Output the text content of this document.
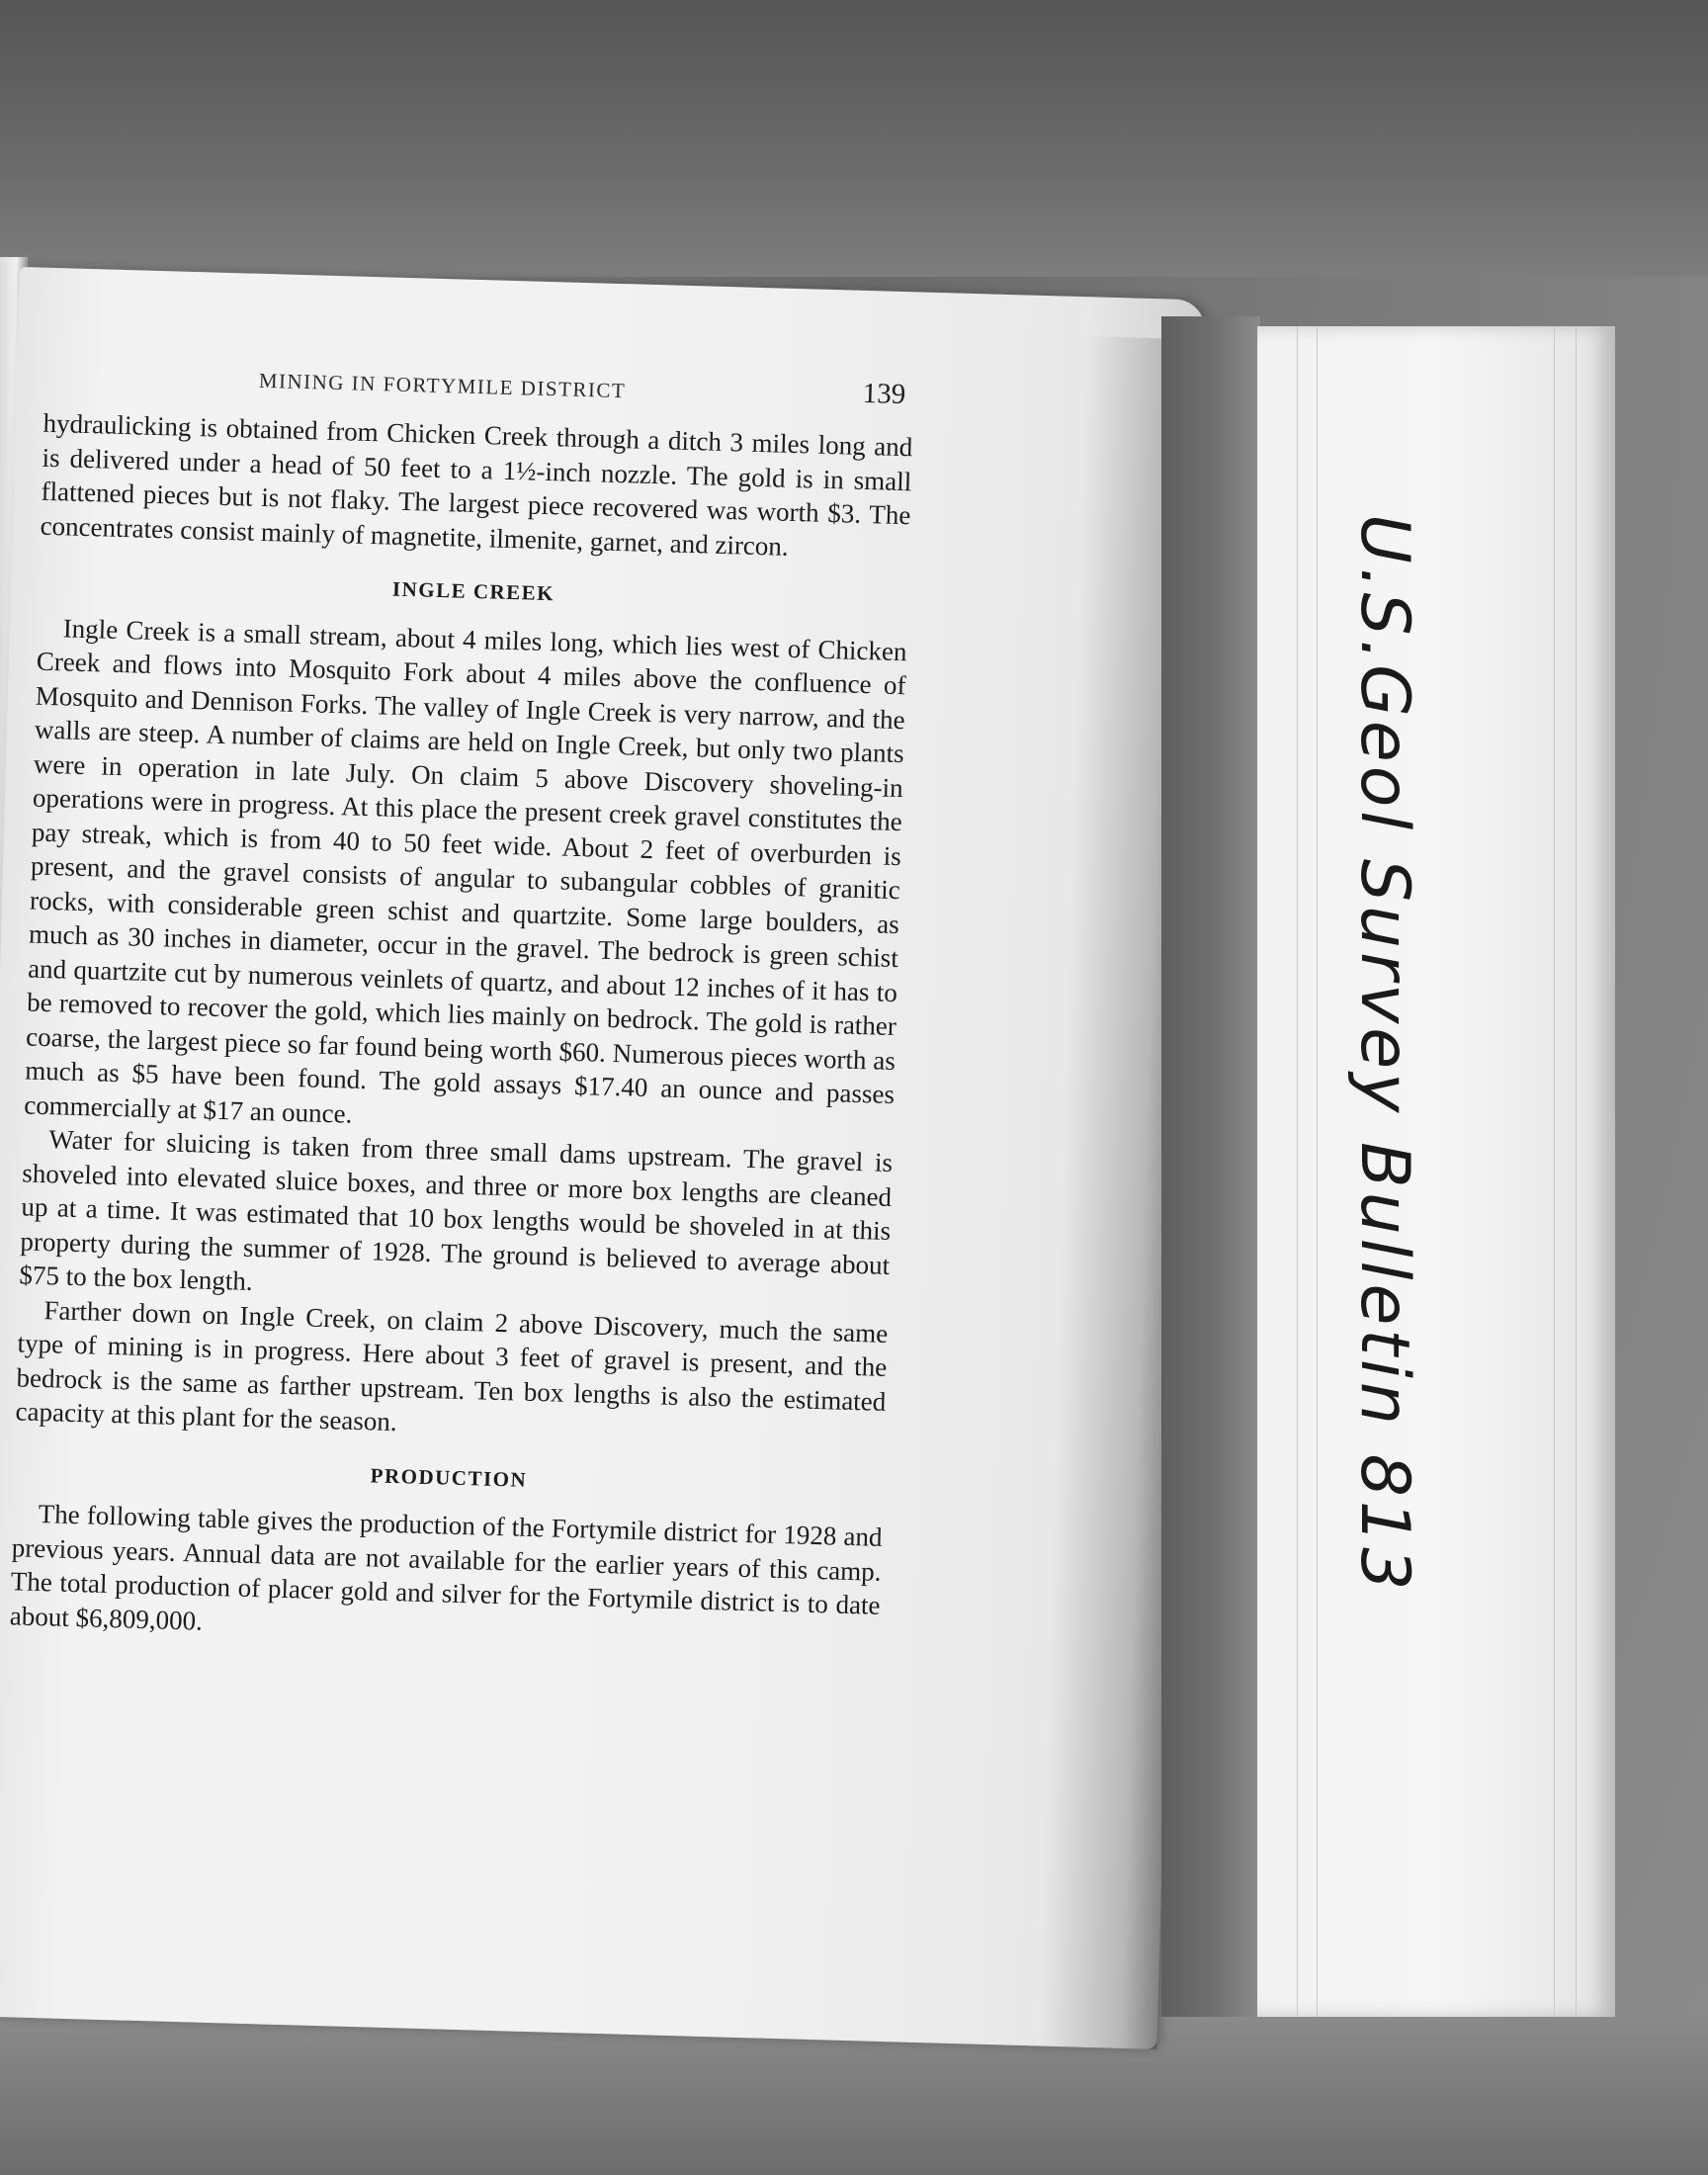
MINING IN FORTYMILE DISTRICT	139

hydraulicking is obtained from Chicken Creek through a ditch 3 miles long and is delivered under a head of 50 feet to a 1½-inch nozzle. The gold is in small flattened pieces but is not flaky. The largest piece recovered was worth $3. The concentrates consist mainly of magnetite, ilmenite, garnet, and zircon.

INGLE CREEK

Ingle Creek is a small stream, about 4 miles long, which lies west of Chicken Creek and flows into Mosquito Fork about 4 miles above the confluence of Mosquito and Dennison Forks. The valley of Ingle Creek is very narrow, and the walls are steep. A number of claims are held on Ingle Creek, but only two plants were in operation in late July. On claim 5 above Discovery shoveling-in operations were in progress. At this place the present creek gravel constitutes the pay streak, which is from 40 to 50 feet wide. About 2 feet of overburden is present, and the gravel consists of angular to subangular cobbles of granitic rocks, with considerable green schist and quartzite. Some large boulders, as much as 30 inches in diameter, occur in the gravel. The bedrock is green schist and quartzite cut by numerous veinlets of quartz, and about 12 inches of it has to be removed to recover the gold, which lies mainly on bedrock. The gold is rather coarse, the largest piece so far found being worth $60. Numerous pieces worth as much as $5 have been found. The gold assays $17.40 an ounce and passes commercially at $17 an ounce.

Water for sluicing is taken from three small dams upstream. The gravel is shoveled into elevated sluice boxes, and three or more box lengths are cleaned up at a time. It was estimated that 10 box lengths would be shoveled in at this property during the summer of 1928. The ground is believed to average about $75 to the box length.

Farther down on Ingle Creek, on claim 2 above Discovery, much the same type of mining is in progress. Here about 3 feet of gravel is present, and the bedrock is the same as farther upstream. Ten box lengths is also the estimated capacity at this plant for the season.

PRODUCTION

The following table gives the production of the Fortymile district for 1928 and previous years. Annual data are not available for the earlier years of this camp. The total production of placer gold and silver for the Fortymile district is to date about $6,809,000.

U.S.Geol Survey Bulletin 813
